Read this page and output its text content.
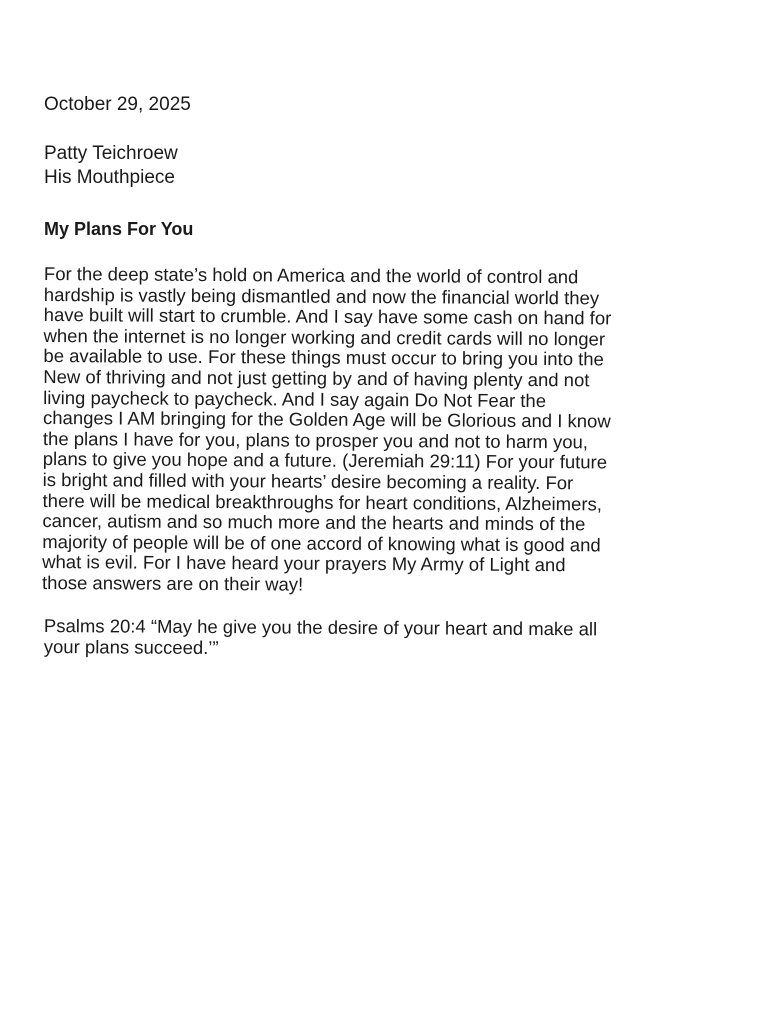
October 29, 2025

Patty Teichroew
His Mouthpiece
My Plans For You
For the deep state’s hold on America and the world of control and
hardship is vastly being dismantled and now the financial world they
have built will start to crumble. And I say have some cash on hand for
when the internet is no longer working and credit cards will no longer
be available to use. For these things must occur to bring you into the
New of thriving and not just getting by and of having plenty and not
living paycheck to paycheck. And I say again Do Not Fear the
changes I AM bringing for the Golden Age will be Glorious and I know
the plans I have for you, plans to prosper you and not to harm you,
plans to give you hope and a future. (Jeremiah 29:11) For your future
is bright and filled with your hearts’ desire becoming a reality. For
there will be medical breakthroughs for heart conditions, Alzheimers,
cancer, autism and so much more and the hearts and minds of the
majority of people will be of one accord of knowing what is good and
what is evil. For I have heard your prayers My Army of Light and
those answers are on their way!
Psalms 20:4 “May he give you the desire of your heart and make all
your plans succeed.’”
